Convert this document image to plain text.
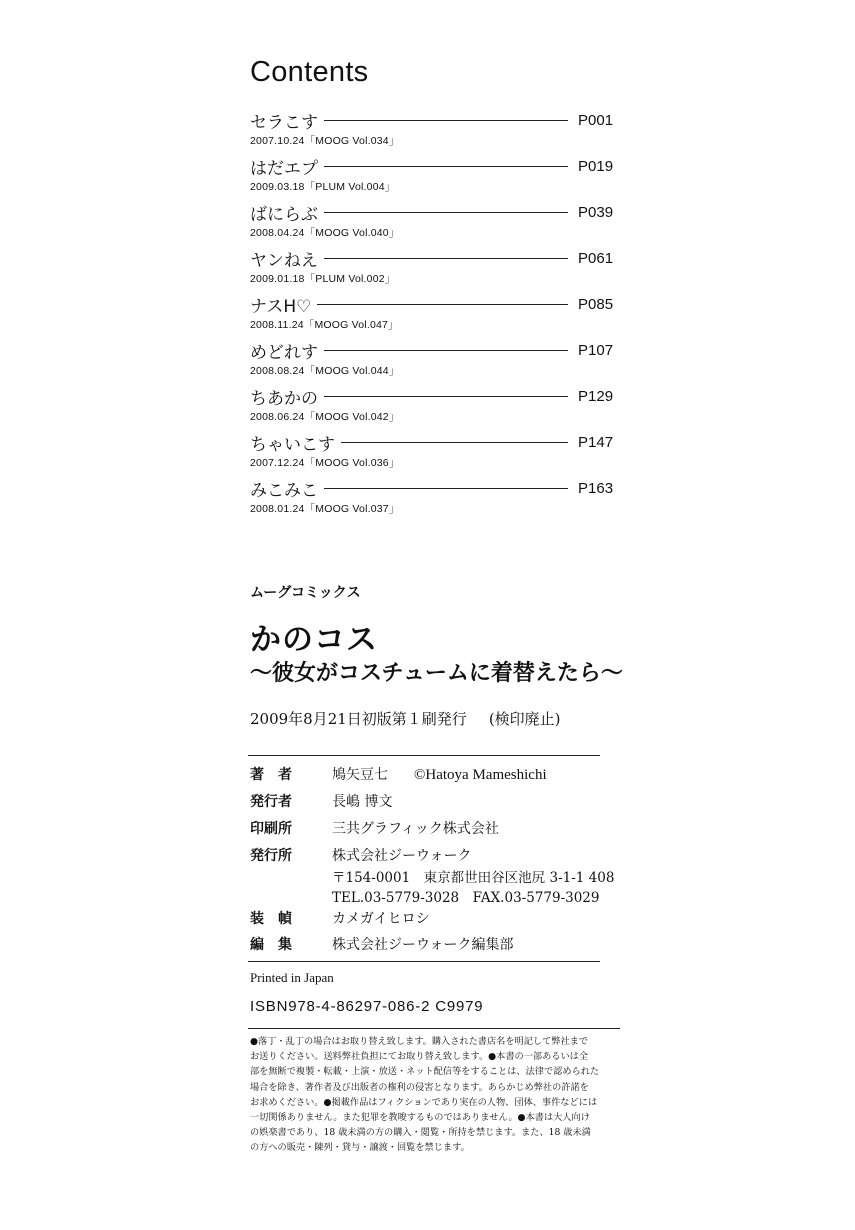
Contents
セラこす	P001
2007.10.24「MOOG Vol.034」
はだエプ	P019
2009.03.18「PLUM Vol.004」
ばにらぶ	P039
2008.04.24「MOOG Vol.040」
ヤンねえ	P061
2009.01.18「PLUM Vol.002」
ナスH♡	P085
2008.11.24「MOOG Vol.047」
めどれす	P107
2008.08.24「MOOG Vol.044」
ちあかの	P129
2008.06.24「MOOG Vol.042」
ちゃいこす	P147
2007.12.24「MOOG Vol.036」
みこみこ	P163
2008.01.24「MOOG Vol.037」
ムーグコミックス
かのコス
〜彼女がコスチュームに着替えたら〜
2009年8月21日初版第１刷発行 (検印廃止)
著　者	鳩矢豆七 ©Hatoya Mameshichi
発行者	長嶋 博文
印刷所	三共グラフィック株式会社
発行所	株式会社ジーウォーク
〒154-0001　東京都世田谷区池尻 3-1-1 408
TEL.03-5779-3028　FAX.03-5779-3029
装　幀	カメガイヒロシ
編　集	株式会社ジーウォーク編集部
Printed in Japan
ISBN978-4-86297-086-2 C9979
●落丁・乱丁の場合はお取り替え致します。購入された書店名を明記して弊社まで
お送りください。送料弊社負担にてお取り替え致します。●本書の一部あるいは全
部を無断で複製・転載・上演・放送・ネット配信等をすることは、法律で認められた
場合を除き、著作者及び出版者の権利の侵害となります。あらかじめ弊社の許諾を
お求めください。●掲載作品はフィクションであり実在の人物、団体、事件などには
一切関係ありません。また犯罪を教唆するものではありません。●本書は大人向け
の娯楽書であり、18 歳未満の方の購入・閲覧・所持を禁じます。また、18 歳未満
の方への販売・陳列・貸与・譲渡・回覧を禁じます。
